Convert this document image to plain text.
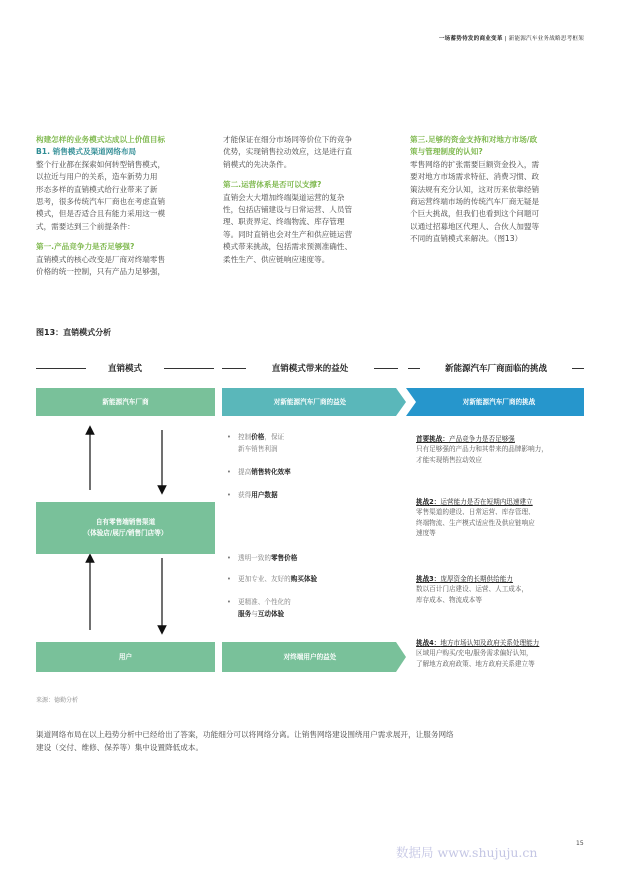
一场蓄势待发的商业变革 | 新能源汽车业务战略思考框架

构建怎样的业务模式达成以上价值目标

B1. 销售模式及渠道网络布局

整个行业都在探索如何转型销售模式，

以拉近与用户的关系，造车新势力用

形态多样的直销模式给行业带来了新

思考，很多传统汽车厂商也在考虑直销

模式，但是否适合且有能力采用这一模

式，需要达到三个前提条件：

第一.产品竞争力是否足够强?

直销模式的核心改变是厂商对终端零售

价格的统一控制，只有产品力足够强，

才能保证在细分市场同等价位下的竞争

优势，实现销售拉动效应，这是进行直

销模式的先决条件。

第二.运营体系是否可以支撑?

直销会大大增加终端渠道运营的复杂

性，包括店铺建设与日常运营、人员管

理、职责界定、终端物流、库存管理

等。同时直销也会对生产和供应链运营

模式带来挑战，包括需求预测准确性、

柔性生产、供应链响应速度等。

第三.足够的资金支持和对地方市场/政

策与管理制度的认知?

零售网络的扩张需要巨额资金投入，需

要对地方市场需求特征、消费习惯、政

策法规有充分认知，这对历来依靠经销

商运营终端市场的传统汽车厂商无疑是

个巨大挑战，但我们也看到这个问题可

以通过招募地区代理人、合伙人加盟等

不同的直销模式来解决。（图13）

图13：直销模式分析
直销模式	直销模式带来的益处	新能源汽车厂商面临的挑战
新能源汽车厂商	对新能源汽车厂商的益处	对新能源汽车厂商的挑战
自有零售端销售渠道
（体验店/展厅/销售门店等）
• 控制价格，保证
新车销售利润
• 提高销售转化效率
• 获得用户数据
• 透明一致的零售价格
• 更加专业、友好的购买体验
• 更精准、个性化的
服务与互动体验
首要挑战：产品竞争力是否足够强
只有足够强的产品力和其带来的品牌影响力，
才能实现销售拉动效应
挑战2：运营能力是否在短期内迅速建立
零售渠道的建设、日常运营、库存管理、
终端物流、生产模式适应性及供应链响应
速度等
挑战3：庞厚资金的长期供给能力
数以百计门店建设、运营、人工成本，
库存成本、物流成本等
挑战4：地方市场认知及政府关系处理能力
区域用户购买/充电/服务需求偏好认知，
了解地方政府政策、地方政府关系建立等
用户	对终端用户的益处
来源：德勤分析
渠道网络布局在以上趋势分析中已经给出了答案，功能细分可以将网络分离。让销售网络建设围绕用户需求展开，让服务网络
建设（交付、维修、保养等）集中设置降低成本。
15
数据局 www.shujuju.cn
